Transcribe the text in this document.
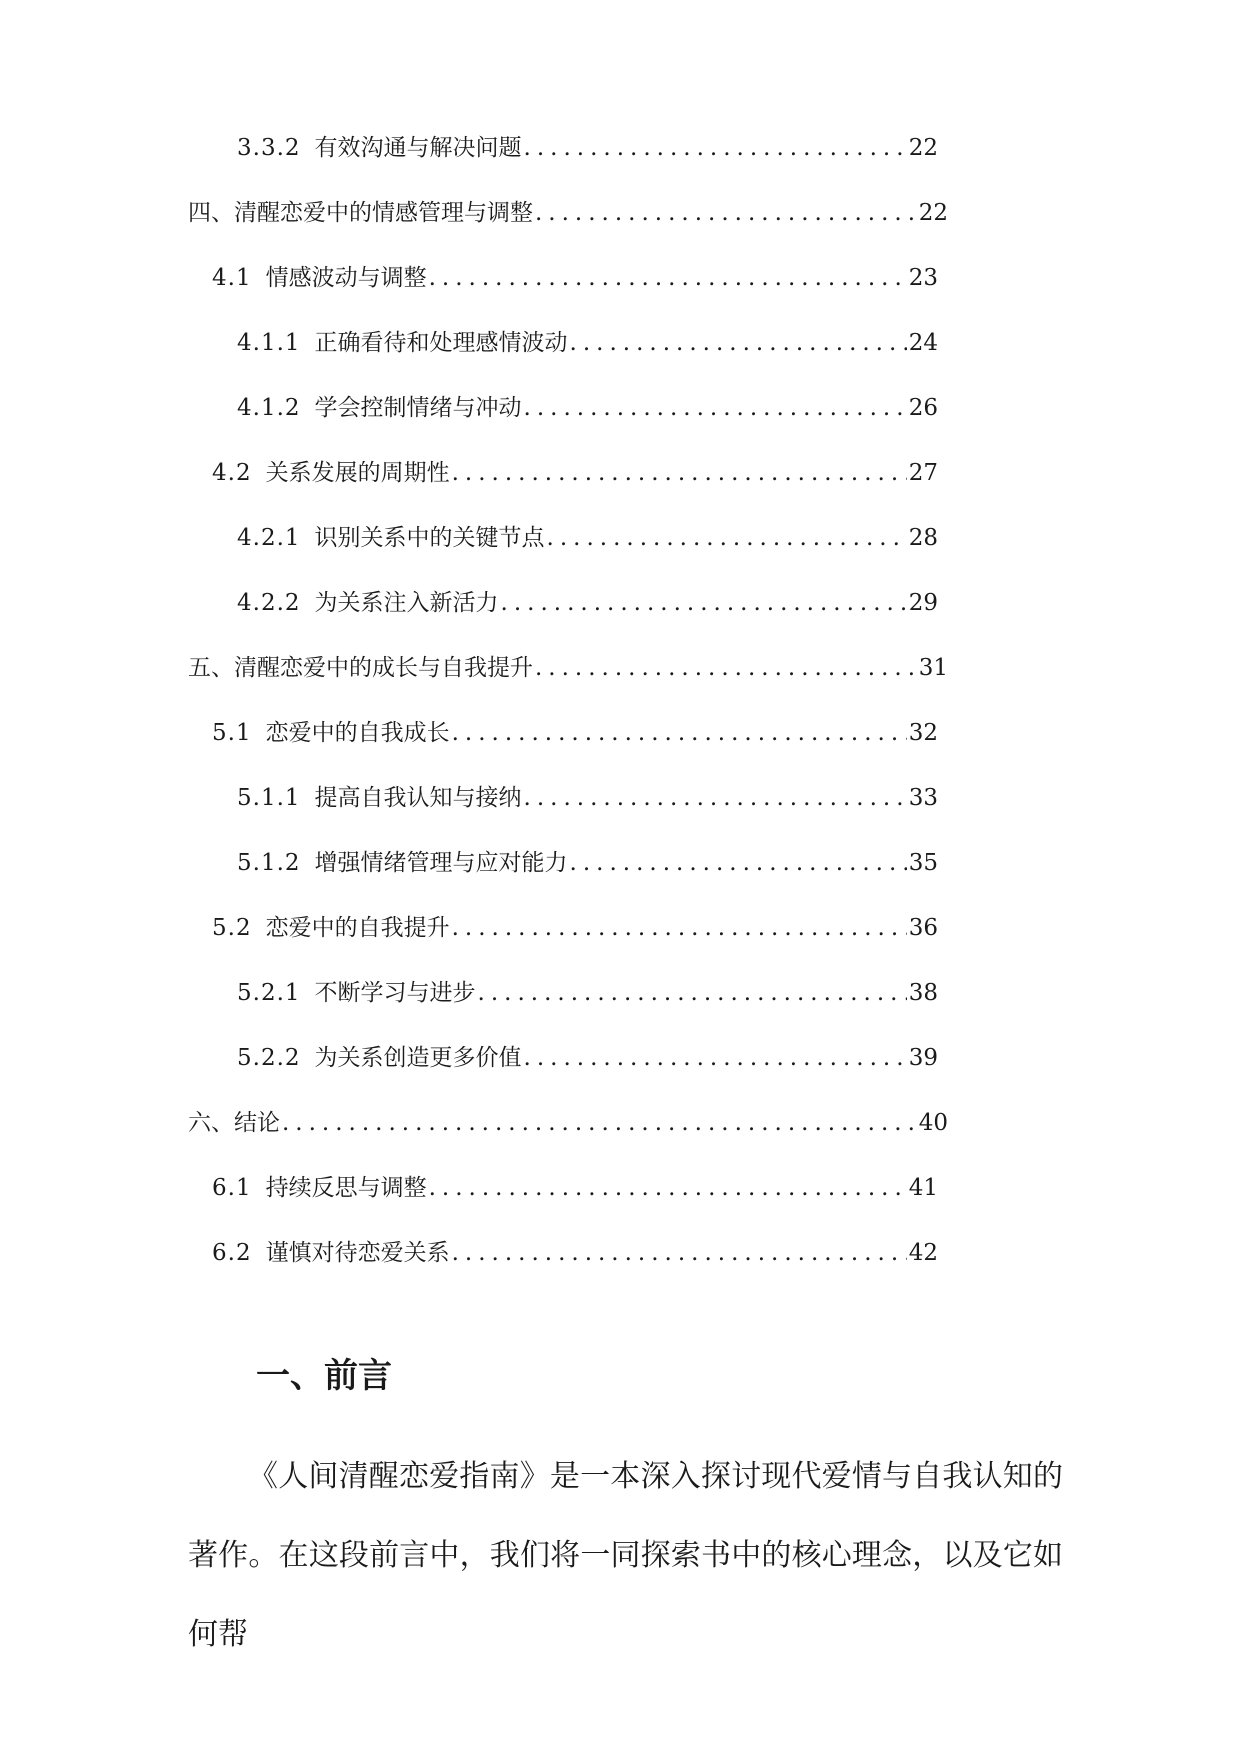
3.3.2 有效沟通与解决问题 .....	22
四、清醒恋爱中的情感管理与调整 .....	22
4.1 情感波动与调整 .....	23
4.1.1 正确看待和处理感情波动 .....	24
4.1.2 学会控制情绪与冲动 .....	26
4.2 关系发展的周期性 .....	27
4.2.1 识别关系中的关键节点 .....	28
4.2.2 为关系注入新活力 .....	29
五、清醒恋爱中的成长与自我提升 .....	31
5.1 恋爱中的自我成长 .....	32
5.1.1 提高自我认知与接纳 .....	33
5.1.2 增强情绪管理与应对能力 .....	35
5.2 恋爱中的自我提升 .....	36
5.2.1 不断学习与进步 .....	38
5.2.2 为关系创造更多价值 .....	39
六、结论 .....	40
6.1 持续反思与调整 .....	41
6.2 谨慎对待恋爱关系 .....	42
一、前言

《人间清醒恋爱指南》是一本深入探讨现代爱情与自我认知的著作。在这段前言中，我们将一同探索书中的核心理念，以及它如何帮
